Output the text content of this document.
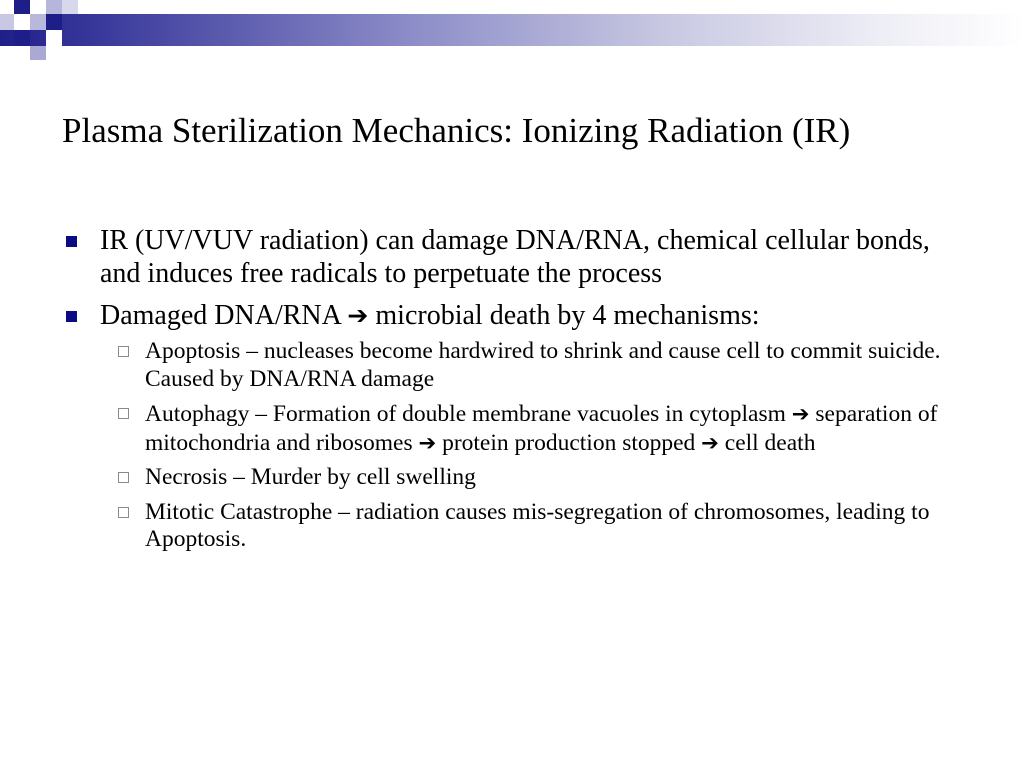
Plasma Sterilization Mechanics: Ionizing Radiation (IR)
IR (UV/VUV radiation) can damage DNA/RNA, chemical cellular bonds, and induces free radicals to perpetuate the process
Damaged DNA/RNA ➔ microbial death by 4 mechanisms:
Apoptosis – nucleases become hardwired to shrink and cause cell to commit suicide. Caused by DNA/RNA damage
Autophagy – Formation of double membrane vacuoles in cytoplasm ➔ separation of mitochondria and ribosomes ➔ protein production stopped ➔ cell death
Necrosis – Murder by cell swelling
Mitotic Catastrophe – radiation causes mis-segregation of chromosomes, leading to Apoptosis.
